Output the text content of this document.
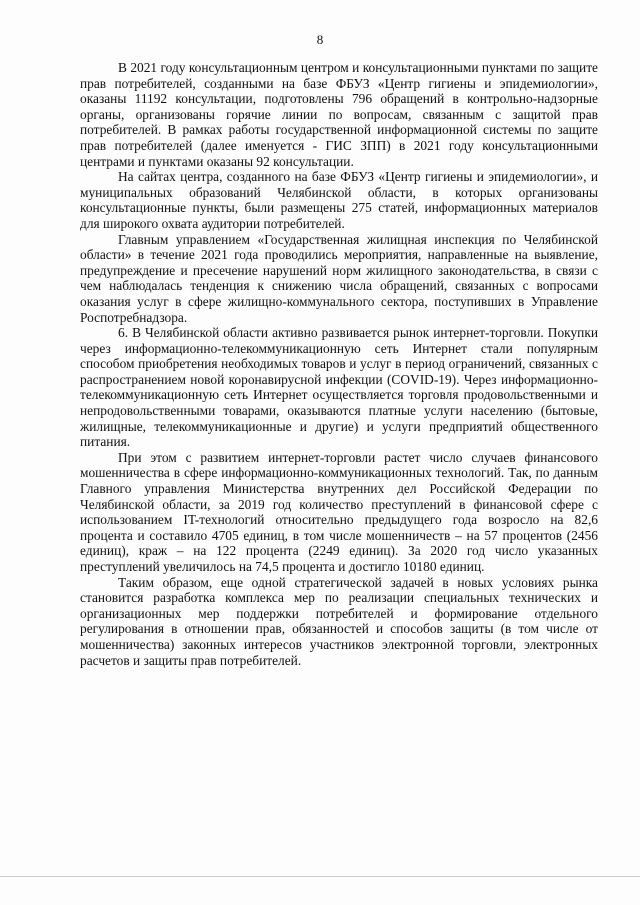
8

В 2021 году консультационным центром и консультационными пунктами по защите прав потребителей, созданными на базе ФБУЗ «Центр гигиены и эпидемиологии», оказаны 11192 консультации, подготовлены 796 обращений в контрольно-надзорные органы, организованы горячие линии по вопросам, связанным с защитой прав потребителей. В рамках работы государственной информационной системы по защите прав потребителей (далее именуется - ГИС ЗПП) в 2021 году консультационными центрами и пунктами оказаны 92 консультации.

На сайтах центра, созданного на базе ФБУЗ «Центр гигиены и эпидемиологии», и муниципальных образований Челябинской области, в которых организованы консультационные пункты, были размещены 275 статей, информационных материалов для широкого охвата аудитории потребителей.

Главным управлением «Государственная жилищная инспекция по Челябинской области» в течение 2021 года проводились мероприятия, направленные на выявление, предупреждение и пресечение нарушений норм жилищного законодательства, в связи с чем наблюдалась тенденция к снижению числа обращений, связанных с вопросами оказания услуг в сфере жилищно-коммунального сектора, поступивших в Управление Роспотребнадзора.

6. В Челябинской области активно развивается рынок интернет-торговли. Покупки через информационно-телекоммуникационную сеть Интернет стали популярным способом приобретения необходимых товаров и услуг в период ограничений, связанных с распространением новой коронавирусной инфекции (COVID-19). Через информационно-телекоммуникационную сеть Интернет осуществляется торговля продовольственными и непродовольственными товарами, оказываются платные услуги населению (бытовые, жилищные, телекоммуникационные и другие) и услуги предприятий общественного питания.

При этом с развитием интернет-торговли растет число случаев финансового мошенничества в сфере информационно-коммуникационных технологий. Так, по данным Главного управления Министерства внутренних дел Российской Федерации по Челябинской области, за 2019 год количество преступлений в финансовой сфере с использованием IT-технологий относительно предыдущего года возросло на 82,6 процента и составило 4705 единиц, в том числе мошенничеств – на 57 процентов (2456 единиц), краж – на 122 процента (2249 единиц). За 2020 год число указанных преступлений увеличилось на 74,5 процента и достигло 10180 единиц.

Таким образом, еще одной стратегической задачей в новых условиях рынка становится разработка комплекса мер по реализации специальных технических и организационных мер поддержки потребителей и формирование отдельного регулирования в отношении прав, обязанностей и способов защиты (в том числе от мошенничества) законных интересов участников электронной торговли, электронных расчетов и защиты прав потребителей.
